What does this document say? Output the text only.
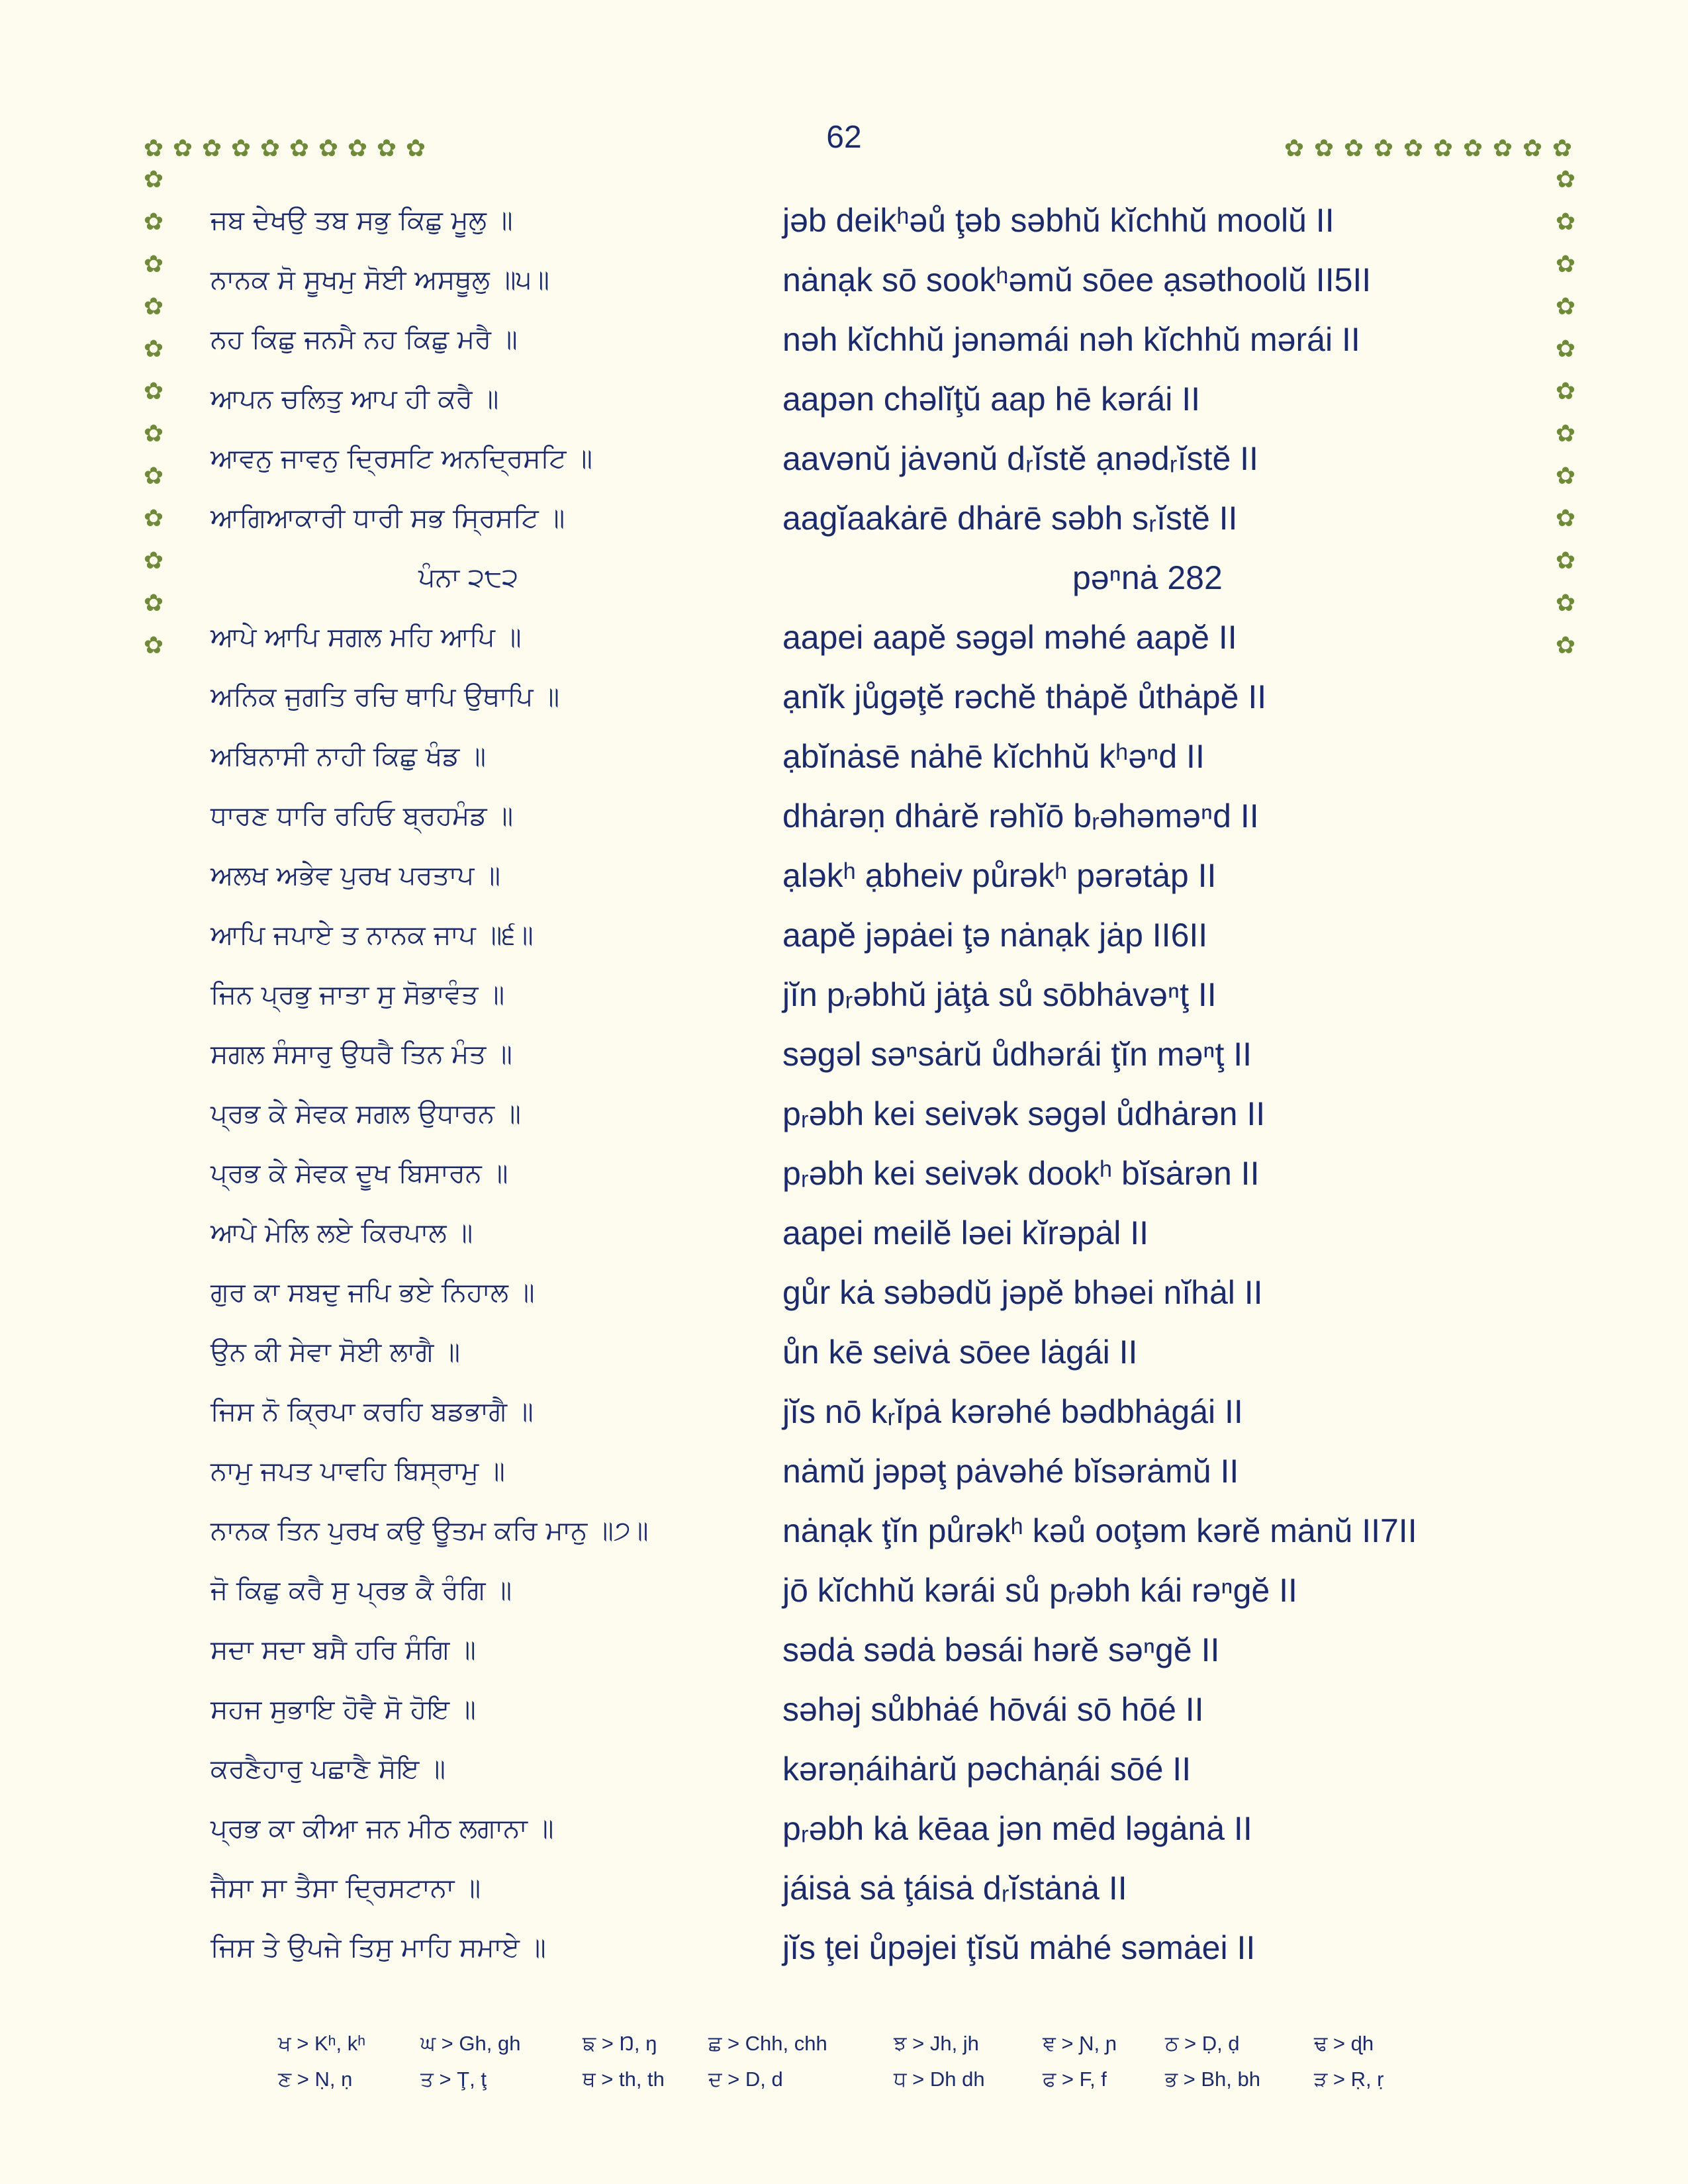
62
✿ ✿ ✿ ✿ ✿ ✿ ✿ ✿ ✿ ✿	✿ ✿ ✿ ✿ ✿ ✿ ✿ ✿ ✿ ✿
✿
✿
✿
✿
✿
✿
✿
✿
✿
✿
✿
✿
✿
✿
✿
✿
✿
✿
✿
✿
✿
✿
✿
✿
ਜਬ ਦੇਖਉ ਤਬ ਸਭੁ ਕਿਛੁ ਮੂਲੁ ॥	jəb deikʰəů ţəb səbhŭ kĭchhŭ moolŭ II
ਨਾਨਕ ਸੋ ਸੂਖਮੁ ਸੋਈ ਅਸਥੂਲੁ ॥੫॥	nȧnạk sō sookʰəmŭ sōee ạsəthoolŭ II5II
ਨਹ ਕਿਛੁ ਜਨਮੈ ਨਹ ਕਿਛੁ ਮਰੈ ॥	nəh kĭchhŭ jənəmái nəh kĭchhŭ mərái II
ਆਪਨ ਚਲਿਤੁ ਆਪ ਹੀ ਕਰੈ ॥	aapən chəlĭţŭ aap hē kərái II
ਆਵਨੁ ਜਾਵਨੁ ਦ੍ਰਿਸਟਿ ਅਨਦ੍ਰਿਸਟਿ ॥	aavənŭ jȧvənŭ dᵣĭstĕ ạnədᵣĭstĕ II
ਆਗਿਆਕਾਰੀ ਧਾਰੀ ਸਭ ਸ੍ਰਿਸਟਿ ॥	aagĭaakȧrē dhȧrē səbh sᵣĭstĕ II
ਪੰਨਾ ੨੮੨	pəⁿnȧ 282
ਆਪੇ ਆਪਿ ਸਗਲ ਮਹਿ ਆਪਿ ॥	aapei aapĕ səgəl məhé aapĕ II
ਅਨਿਕ ਜੁਗਤਿ ਰਚਿ ਥਾਪਿ ਉਥਾਪਿ ॥	ạnĭk jůgəţĕ rəchĕ thȧpĕ ůthȧpĕ II
ਅਬਿਨਾਸੀ ਨਾਹੀ ਕਿਛੁ ਖੰਡ ॥	ạbĭnȧsē nȧhē kĭchhŭ kʰəⁿd II
ਧਾਰਣ ਧਾਰਿ ਰਹਿਓ ਬ੍ਰਹਮੰਡ ॥	dhȧrəṇ dhȧrĕ rəhĭō bᵣəhəməⁿd II
ਅਲਖ ਅਭੇਵ ਪੁਰਖ ਪਰਤਾਪ ॥	ạləkʰ ạbheiv půrəkʰ pərətȧp II
ਆਪਿ ਜਪਾਏ ਤ ਨਾਨਕ ਜਾਪ ॥੬॥	aapĕ jəpȧei ţə nȧnạk jȧp II6II
ਜਿਨ ਪ੍ਰਭੁ ਜਾਤਾ ਸੁ ਸੋਭਾਵੰਤ ॥	jĭn pᵣəbhŭ jȧţȧ sů sōbhȧvəⁿţ II
ਸਗਲ ਸੰਸਾਰੁ ਉਧਰੈ ਤਿਨ ਮੰਤ ॥	səgəl səⁿsȧrŭ ůdhərái ţĭn məⁿţ II
ਪ੍ਰਭ ਕੇ ਸੇਵਕ ਸਗਲ ਉਧਾਰਨ ॥	pᵣəbh kei seivək səgəl ůdhȧrən II
ਪ੍ਰਭ ਕੇ ਸੇਵਕ ਦੂਖ ਬਿਸਾਰਨ ॥	pᵣəbh kei seivək dookʰ bĭsȧrən II
ਆਪੇ ਮੇਲਿ ਲਏ ਕਿਰਪਾਲ ॥	aapei meilĕ ləei kĭrəpȧl II
ਗੁਰ ਕਾ ਸਬਦੁ ਜਪਿ ਭਏ ਨਿਹਾਲ ॥	gůr kȧ səbədŭ jəpĕ bhəei nĭhȧl II
ਉਨ ਕੀ ਸੇਵਾ ਸੋਈ ਲਾਗੈ ॥	ůn kē seivȧ sōee lȧgái II
ਜਿਸ ਨੋ ਕ੍ਰਿਪਾ ਕਰਹਿ ਬਡਭਾਗੈ ॥	jĭs nō kᵣĭpȧ kərəhé bədbhȧgái II
ਨਾਮੁ ਜਪਤ ਪਾਵਹਿ ਬਿਸ੍ਰਾਮੁ ॥	nȧmŭ jəpəţ pȧvəhé bĭsərȧmŭ II
ਨਾਨਕ ਤਿਨ ਪੁਰਖ ਕਉ ਊਤਮ ਕਰਿ ਮਾਨੁ ॥੭॥	nȧnạk ţĭn půrəkʰ kəů ooţəm kərĕ mȧnŭ II7II
ਜੋ ਕਿਛੁ ਕਰੈ ਸੁ ਪ੍ਰਭ ਕੈ ਰੰਗਿ ॥	jō kĭchhŭ kərái sů pᵣəbh kái rəⁿgĕ II
ਸਦਾ ਸਦਾ ਬਸੈ ਹਰਿ ਸੰਗਿ ॥	sədȧ sədȧ bəsái hərĕ səⁿgĕ II
ਸਹਜ ਸੁਭਾਇ ਹੋਵੈ ਸੋ ਹੋਇ ॥	səhəj sůbhȧé hōvái sō hōé II
ਕਰਣੈਹਾਰੁ ਪਛਾਣੈ ਸੋਇ ॥	kərəṇáihȧrŭ pəchȧṇái sōé II
ਪ੍ਰਭ ਕਾ ਕੀਆ ਜਨ ਮੀਠ ਲਗਾਨਾ ॥	pᵣəbh kȧ kēaa jən mēd ləgȧnȧ II
ਜੈਸਾ ਸਾ ਤੈਸਾ ਦ੍ਰਿਸਟਾਨਾ ॥	jáisȧ sȧ ţáisȧ dᵣĭstȧnȧ II
ਜਿਸ ਤੇ ਉਪਜੇ ਤਿਸੁ ਮਾਹਿ ਸਮਾਏ ॥	jĭs ţei ůpəjei ţĭsŭ mȧhé səmȧei II
ਖ > Kʰ, kʰ	ਘ > Gh, gh	ਙ > Ŋ, ŋ	ਛ > Chh, chh	ਝ > Jh, jh	ਞ > Ɲ, ɲ ਠ > Ḍ, ḍ	ਢ > ɖh
ਣ > Ṇ, ṇ	ਤ > Ţ, ţ	ਥ > th, th ਦ > D, d	ਧ > Dh dh	ਫ > F, f	ਭ > Bh, bh	ੜ > Ṛ, ṛ
